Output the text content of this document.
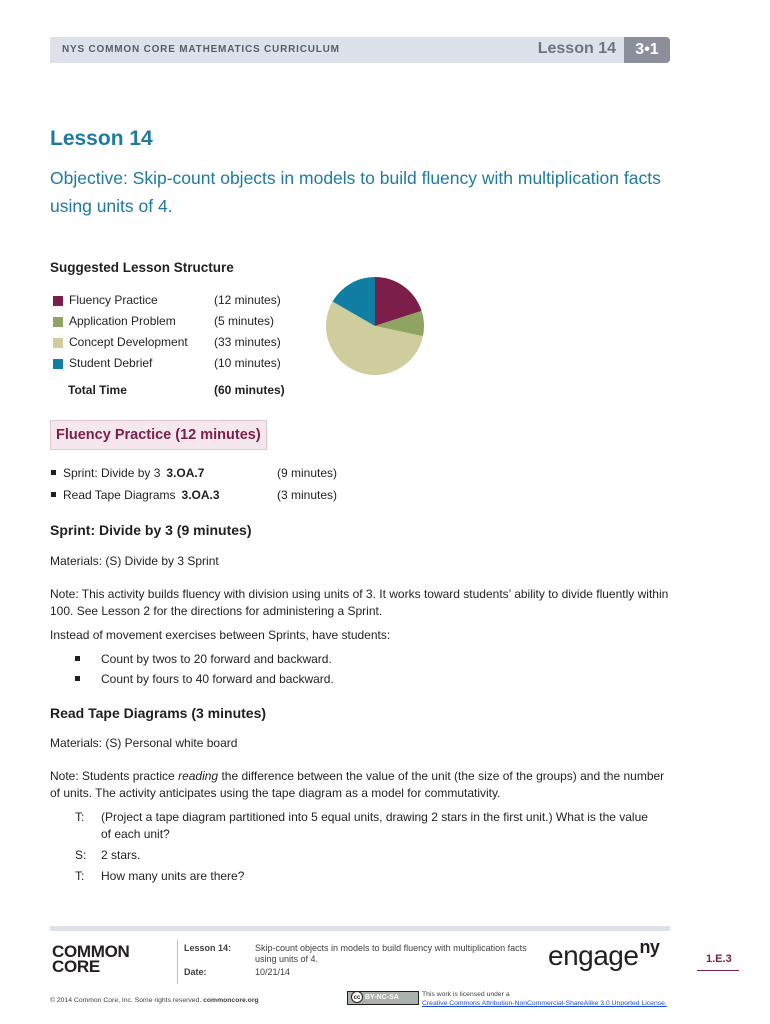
NYS COMMON CORE MATHEMATICS CURRICULUM	Lesson 14	3•1
Lesson 14
Objective: Skip-count objects in models to build fluency with multiplication facts using units of 4.
Suggested Lesson Structure
Fluency Practice	(12 minutes)
Application Problem	(5 minutes)
Concept Development (33 minutes)
Student Debrief	(10 minutes)
Total Time	(60 minutes)
Fluency Practice (12 minutes)
Sprint: Divide by 3 3.OA.7	(9 minutes)
Read Tape Diagrams 3.OA.3	(3 minutes)
Sprint: Divide by 3 (9 minutes)
Materials: (S) Divide by 3 Sprint
Note: This activity builds fluency with division using units of 3. It works toward students’ ability to divide fluently within 100. See Lesson 2 for the directions for administering a Sprint.
Instead of movement exercises between Sprints, have students:
Count by twos to 20 forward and backward.
Count by fours to 40 forward and backward.
Read Tape Diagrams (3 minutes)
Materials: (S) Personal white board
Note: Students practice reading the difference between the value of the unit (the size of the groups) and the number of units. The activity anticipates using the tape diagram as a model for commutativity.
T: (Project a tape diagram partitioned into 5 equal units, drawing 2 stars in the first unit.) What is the value of each unit?
S: 2 stars.
T: How many units are there?
COMMON
CORE
Lesson 14:	Skip-count objects in models to build fluency with multiplication facts using units of 4.
Date:	10/21/14
engage$^{ny}$
1.E.3
© 2014 Common Core, Inc. Some rights reserved. commoncore.org	cc BY-NC-SA	This work is licensed under a
Creative Commons Attribution-NonCommercial-ShareAlike 3.0 Unported License.
